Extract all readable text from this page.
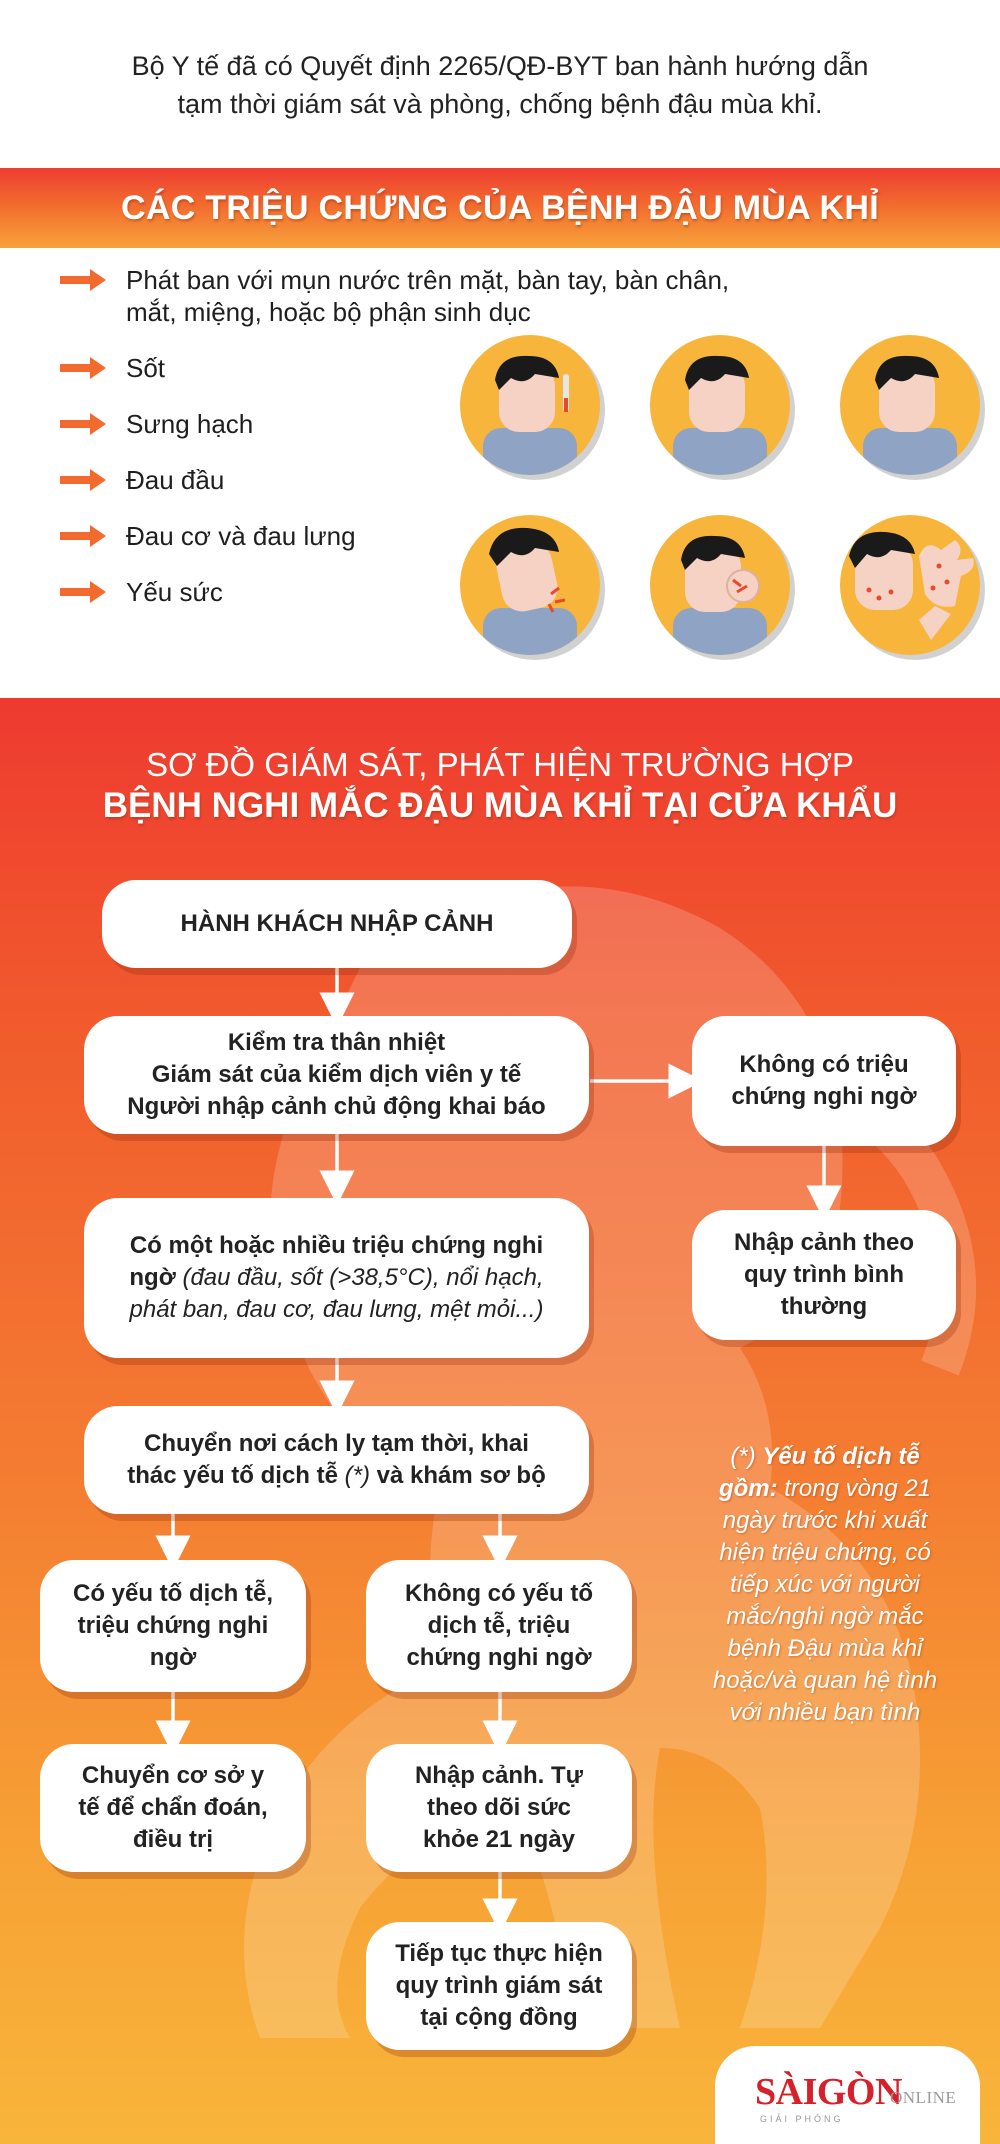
Bộ Y tế đã có Quyết định 2265/QĐ-BYT ban hành hướng dẫn
tạm thời giám sát và phòng, chống bệnh đậu mùa khỉ.

CÁC TRIỆU CHỨNG CỦA BỆNH ĐẬU MÙA KHỈ
Phát ban với mụn nước trên mặt, bàn tay, bàn chân,
mắt, miệng, hoặc bộ phận sinh dục
Sốt
Sưng hạch
Đau đầu
Đau cơ và đau lưng
Yếu sức
SƠ ĐỒ GIÁM SÁT, PHÁT HIỆN TRƯỜNG HỢP
BỆNH NGHI MẮC ĐẬU MÙA KHỈ TẠI CỬA KHẨU
HÀNH KHÁCH NHẬP CẢNH
Kiểm tra thân nhiệt
Giám sát của kiểm dịch viên y tế
Người nhập cảnh chủ động khai báo
Có một hoặc nhiều triệu chứng nghi ngờ (đau đầu, sốt (>38,5°C), nổi hạch, phát ban, đau cơ, đau lưng, mệt mỏi...)
Chuyển nơi cách ly tạm thời, khai thác yếu tố dịch tễ (*) và khám sơ bộ
Có yếu tố dịch tễ, triệu chứng nghi ngờ
Không có yếu tố dịch tễ, triệu chứng nghi ngờ
Chuyển cơ sở y tế để chẩn đoán, điều trị
Nhập cảnh. Tự theo dõi sức khỏe 21 ngày
Tiếp tục thực hiện quy trình giám sát tại cộng đồng
Không có triệu chứng nghi ngờ
Nhập cảnh theo quy trình bình thường
(*) Yếu tố dịch tễ gồm: trong vòng 21 ngày trước khi xuất hiện triệu chứng, có tiếp xúc với người mắc/nghi ngờ mắc bệnh Đậu mùa khỉ hoặc/và quan hệ tình với nhiều bạn tình
SÀIGÒN
ONLINE
GIẢI PHÓNG
